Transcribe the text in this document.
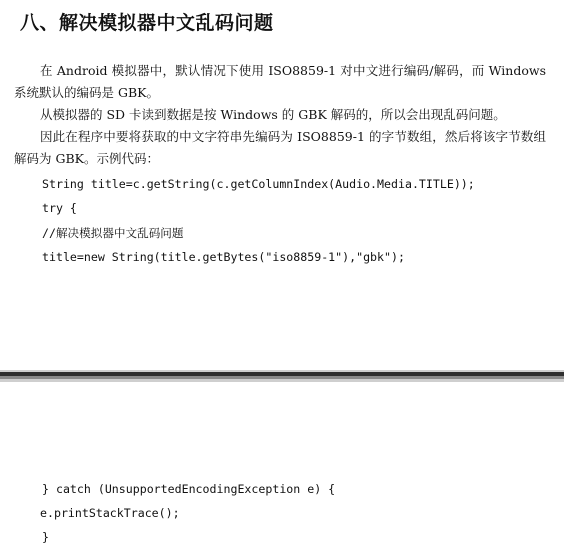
八、解决模拟器中文乱码问题
在 Android 模拟器中，默认情况下使用 ISO8859-1 对中文进行编码/解码，而 Windows 系统默认的编码是 GBK。
从模拟器的 SD 卡读到数据是按 Windows 的 GBK 解码的，所以会出现乱码问题。
因此在程序中要将获取的中文字符串先编码为 ISO8859-1 的字节数组，然后将该字节数组解码为 GBK。示例代码：
String title=c.getString(c.getColumnIndex(Audio.Media.TITLE));
try {
//解决模拟器中文乱码问题
title=new String(title.getBytes("iso8859-1"),"gbk");
} catch (UnsupportedEncodingException e) {
e.printStackTrace();
}
